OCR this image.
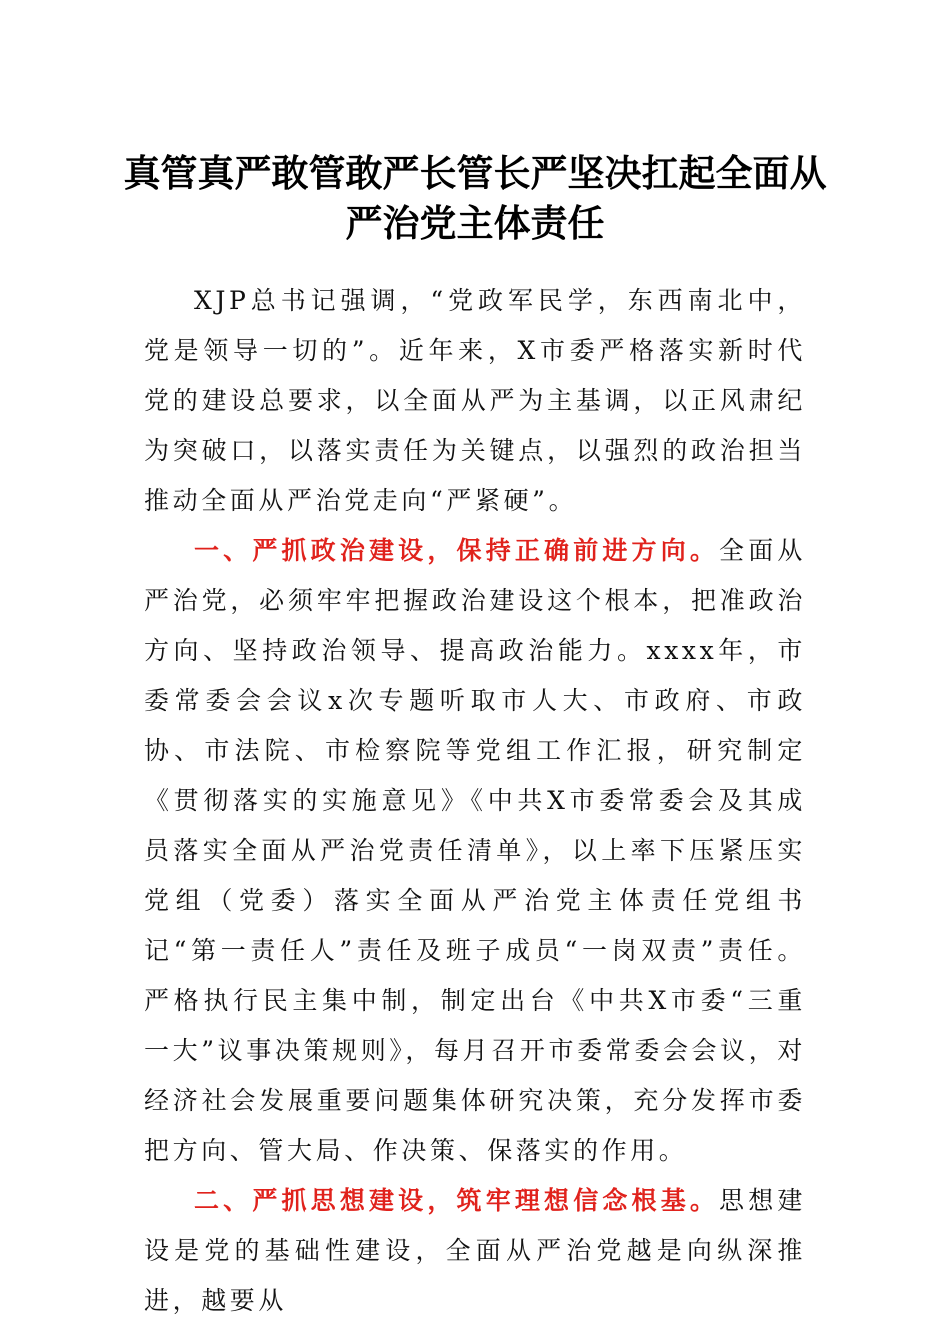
真管真严敢管敢严长管长严坚决扛起全面从严治党主体责任

XJP总书记强调，“党政军民学，东西南北中，党是领导一切的”。近年来，X市委严格落实新时代党的建设总要求，以全面从严为主基调，以正风肃纪为突破口，以落实责任为关键点，以强烈的政治担当推动全面从严治党走向“严紧硬”。

一、严抓政治建设，保持正确前进方向。全面从严治党，必须牢牢把握政治建设这个根本，把准政治方向、坚持政治领导、提高政治能力。xxxx年，市委常委会会议x次专题听取市人大、市政府、市政协、市法院、市检察院等党组工作汇报，研究制定《贯彻落实的实施意见》《中共X市委常委会及其成员落实全面从严治党责任清单》，以上率下压紧压实党组（党委）落实全面从严治党主体责任党组书记“第一责任人”责任及班子成员“一岗双责”责任。严格执行民主集中制，制定出台《中共X市委“三重一大”议事决策规则》，每月召开市委常委会会议，对经济社会发展重要问题集体研究决策，充分发挥市委把方向、管大局、作决策、保落实的作用。

二、严抓思想建设，筑牢理想信念根基。思想建设是党的基础性建设，全面从严治党越是向纵深推进，越要从
